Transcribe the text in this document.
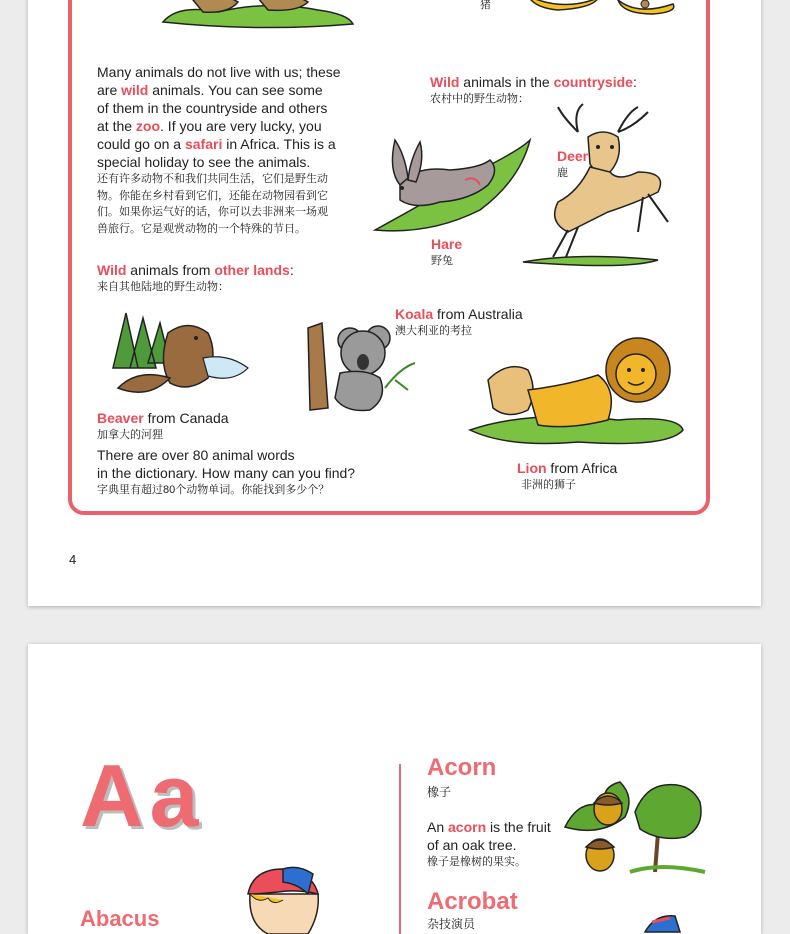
猪
Many animals do not live with us; these
are wild animals. You can see some
of them in the countryside and others
at the zoo. If you are very lucky, you
could go on a safari in Africa. This is a
special holiday to see the animals.
还有许多动物不和我们共同生活，它们是野生动
物。你能在乡村看到它们，还能在动物园看到它
们。如果你运气好的话，你可以去非洲来一场观
兽旅行。它是观赏动物的一个特殊的节日。
Wild animals in the countryside:
农村中的野生动物：
Deer
鹿
Hare
野兔
Wild animals from other lands:
来自其他陆地的野生动物：
Koala from Australia
澳大利亚的考拉
Beaver from Canada
加拿大的河狸
There are over 80 animal words
in the dictionary. How many can you find?
字典里有超过80个动物单词。你能找到多少个？
Lion from Africa
非洲的狮子
4
Aa
Abacus
Acorn
橡子
An acorn is the fruit
of an oak tree.
橡子是橡树的果实。
Acrobat
杂技演员
